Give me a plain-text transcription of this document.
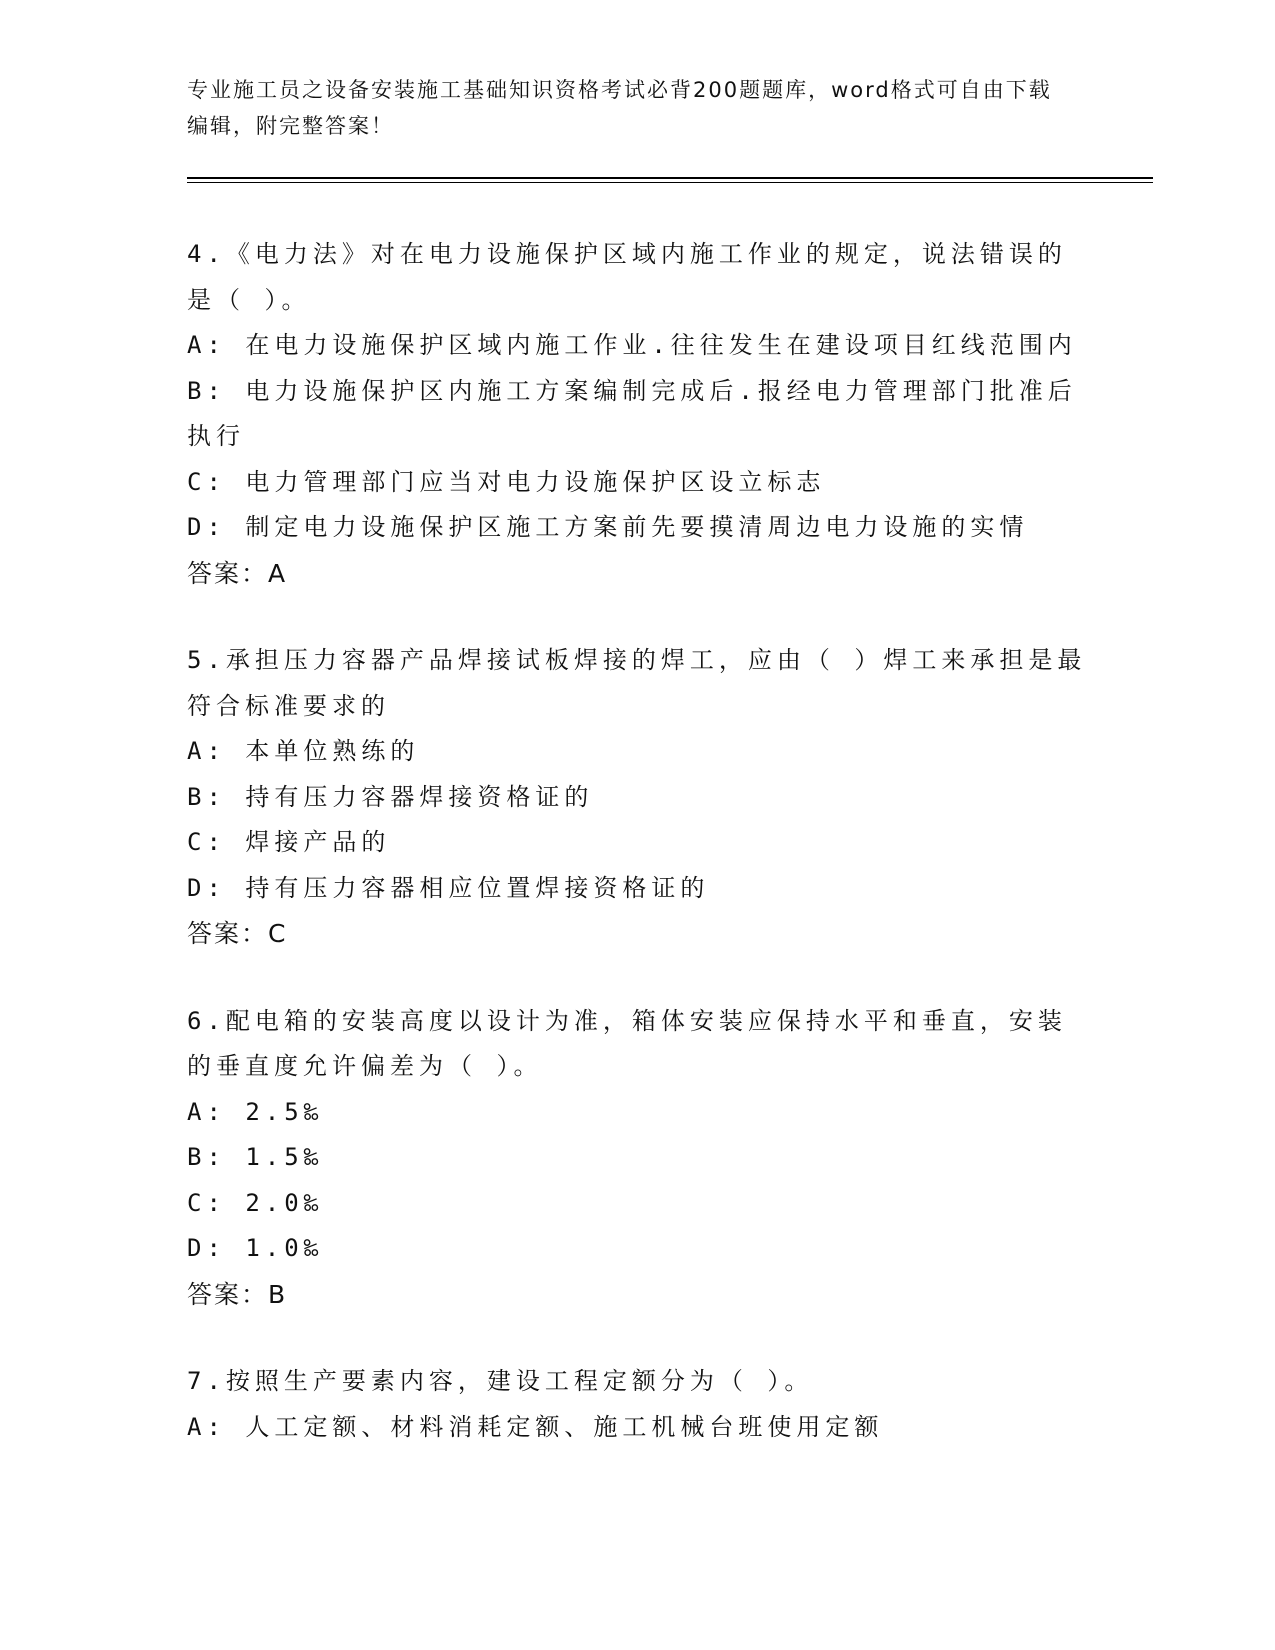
专业施工员之设备安装施工基础知识资格考试必背200题题库，word格式可自由下载编辑，附完整答案！
4.《电力法》对在电力设施保护区域内施工作业的规定，说法错误的是（ ）。
A: 在电力设施保护区域内施工作业.往往发生在建设项目红线范围内
B: 电力设施保护区内施工方案编制完成后.报经电力管理部门批准后执行
C: 电力管理部门应当对电力设施保护区设立标志
D: 制定电力设施保护区施工方案前先要摸清周边电力设施的实情
答案：A
5.承担压力容器产品焊接试板焊接的焊工，应由（ ）焊工来承担是最符合标准要求的
A: 本单位熟练的
B: 持有压力容器焊接资格证的
C: 焊接产品的
D: 持有压力容器相应位置焊接资格证的
答案：C
6.配电箱的安装高度以设计为准，箱体安装应保持水平和垂直，安装的垂直度允许偏差为（ ）。
A: 2.5‰
B: 1.5‰
C: 2.0‰
D: 1.0‰
答案：B
7.按照生产要素内容，建设工程定额分为（ ）。
A: 人工定额、材料消耗定额、施工机械台班使用定额
